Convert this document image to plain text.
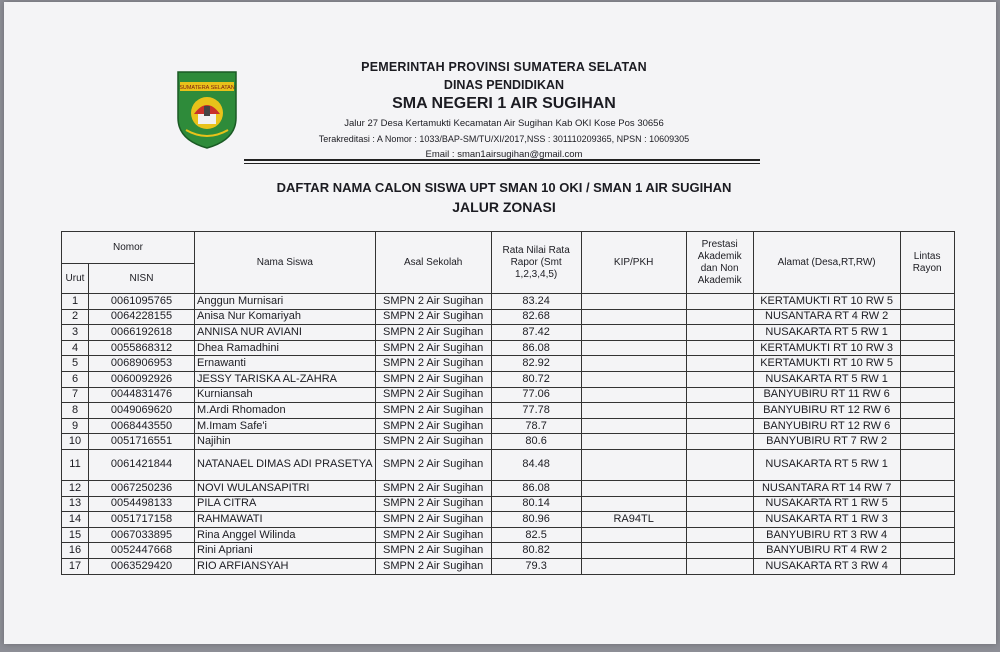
SUMATERA SELATAN
PEMERINTAH PROVINSI SUMATERA SELATAN
DINAS PENDIDIKAN
SMA NEGERI 1 AIR SUGIHAN
Jalur 27 Desa Kertamukti Kecamatan Air Sugihan Kab OKI Kose Pos 30656
Terakreditasi : A Nomor : 1033/BAP-SM/TU/XI/2017,NSS : 301110209365, NPSN : 10609305
Email : sman1airsugihan@gmail.com
DAFTAR NAMA CALON SISWA UPT SMAN 10 OKI / SMAN 1 AIR SUGIHAN
JALUR ZONASI
Nomor		Nama Siswa	Asal Sekolah	Rata Nilai Rata Rapor (Smt 1,2,3,4,5)	KIP/PKH	Prestasi Akademik dan Non Akademik	Alamat (Desa,RT,RW)	Lintas Rayon
Urut	NISN							
1	0061095765	Anggun Murnisari	SMPN 2 Air Sugihan	83.24			KERTAMUKTI RT 10 RW 5	
2	0064228155	Anisa Nur Komariyah	SMPN 2 Air Sugihan	82.68			NUSANTARA RT 4 RW 2	
3	0066192618	ANNISA NUR AVIANI	SMPN 2 Air Sugihan	87.42			NUSAKARTA RT 5 RW 1	
4	0055868312	Dhea Ramadhini	SMPN 2 Air Sugihan	86.08			KERTAMUKTI RT 10 RW 3	
5	0068906953	Ernawanti	SMPN 2 Air Sugihan	82.92			KERTAMUKTI RT 10 RW 5	
6	0060092926	JESSY TARISKA AL-ZAHRA	SMPN 2 Air Sugihan	80.72			NUSAKARTA RT 5 RW 1	
7	0044831476	Kurniansah	SMPN 2 Air Sugihan	77.06			BANYUBIRU RT 11 RW 6	
8	0049069620	M.Ardi Rhomadon	SMPN 2 Air Sugihan	77.78			BANYUBIRU RT 12 RW 6	
9	0068443550	M.Imam Safe'i	SMPN 2 Air Sugihan	78.7			BANYUBIRU RT 12 RW 6	
10	0051716551	Najihin	SMPN 2 Air Sugihan	80.6			BANYUBIRU RT 7 RW 2	
11	0061421844	NATANAEL DIMAS ADI PRASETYA	SMPN 2 Air Sugihan	84.48			NUSAKARTA RT 5 RW 1	
12	0067250236	NOVI WULANSAPITRI	SMPN 2 Air Sugihan	86.08			NUSANTARA RT 14 RW 7	
13	0054498133	PILA CITRA	SMPN 2 Air Sugihan	80.14			NUSAKARTA RT 1 RW 5	
14	0051717158	RAHMAWATI	SMPN 2 Air Sugihan	80.96	RA94TL		NUSAKARTA RT 1 RW 3	
15	0067033895	Rina Anggel Wilinda	SMPN 2 Air Sugihan	82.5			BANYUBIRU RT 3 RW 4	
16	0052447668	Rini Apriani	SMPN 2 Air Sugihan	80.82			BANYUBIRU RT 4 RW 2	
17	0063529420	RIO ARFIANSYAH	SMPN 2 Air Sugihan	79.3			NUSAKARTA RT 3 RW 4	
